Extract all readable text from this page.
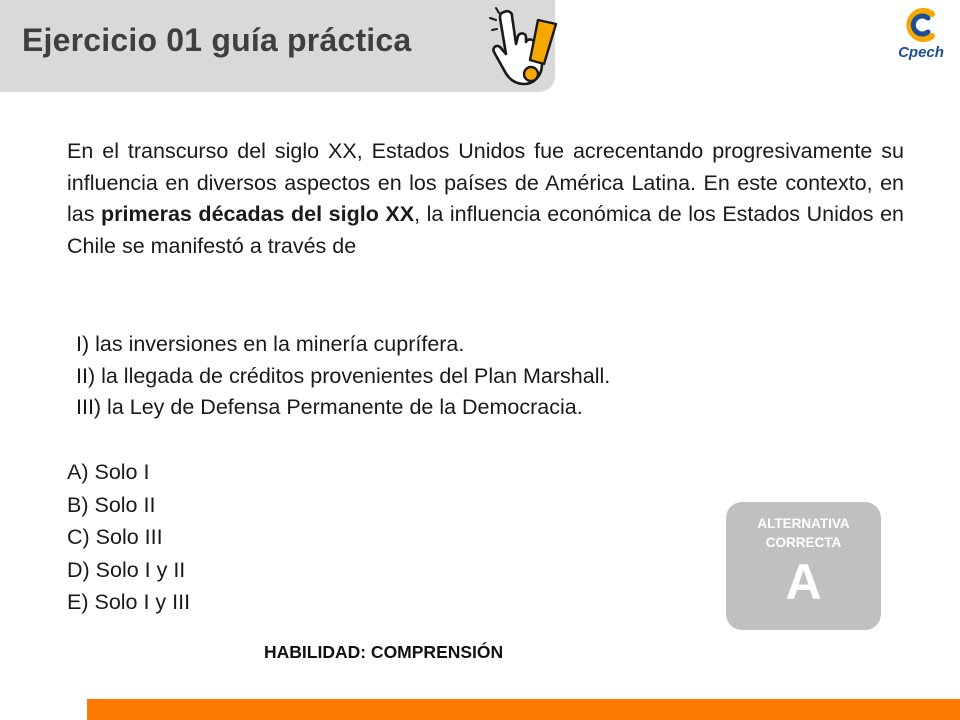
Ejercicio 01 guía práctica	Cpech
En el transcurso del siglo XX, Estados Unidos fue acrecentando progresivamente su influencia en diversos aspectos en los países de América Latina. En este contexto, en las primeras décadas del siglo XX, la influencia económica de los Estados Unidos en Chile se manifestó a través de
I) las inversiones en la minería cuprífera.
II) la llegada de créditos provenientes del Plan Marshall.
III) la Ley de Defensa Permanente de la Democracia.
A) Solo I
B) Solo II
C) Solo III
D) Solo I y II
E) Solo I y III
ALTERNATIVA CORRECTA
A
HABILIDAD: COMPRENSIÓN
